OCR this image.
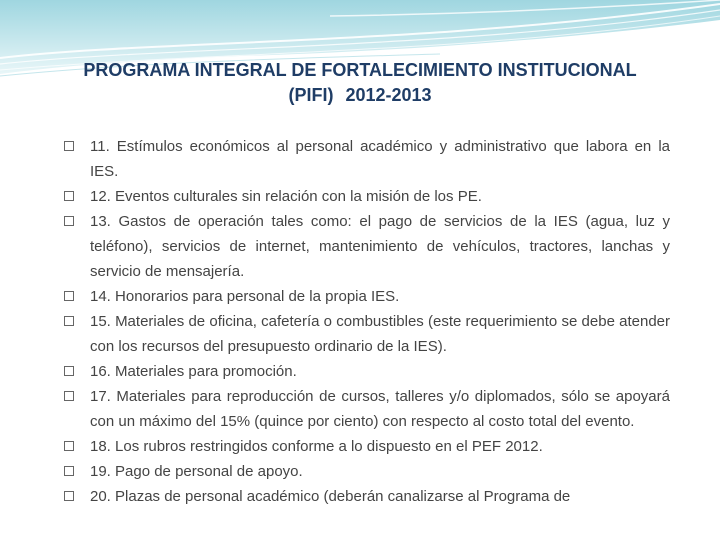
PROGRAMA INTEGRAL DE FORTALECIMIENTO INSTITUCIONAL
(PIFI) 2012-2013
11. Estímulos económicos al personal académico y administrativo que labora en la IES.
12. Eventos culturales sin relación con la misión de los PE.
13. Gastos de operación tales como: el pago de servicios de la IES (agua, luz y teléfono), servicios de internet, mantenimiento de vehículos, tractores, lanchas y servicio de mensajería.
14. Honorarios para personal de la propia IES.
15. Materiales de oficina, cafetería o combustibles (este requerimiento se debe atender con los recursos del presupuesto ordinario de la IES).
16. Materiales para promoción.
17. Materiales para reproducción de cursos, talleres y/o diplomados, sólo se apoyará con un máximo del 15% (quince por ciento) con respecto al costo total del evento.
18. Los rubros restringidos conforme a lo dispuesto en el PEF 2012.
19. Pago de personal de apoyo.
20. Plazas de personal académico (deberán canalizarse al Programa de
